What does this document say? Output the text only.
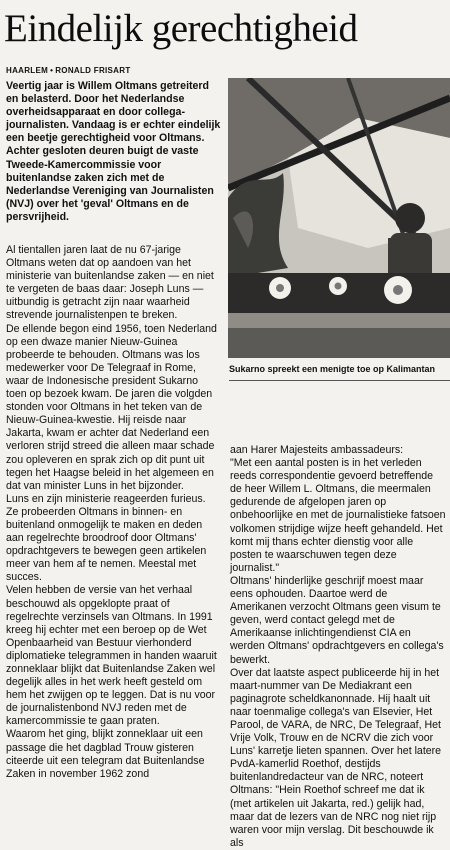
Eindelijk gerechtigheid
HAARLEM • RONALD FRISART
Veertig jaar is Willem Oltmans getreiterd en belasterd. Door het Nederlandse overheidsapparaat en door collega-journalisten. Vandaag is er echter eindelijk een beetje gerechtigheid voor Oltmans. Achter gesloten deuren buigt de vaste Tweede-Kamercommissie voor buitenlandse zaken zich met de Nederlandse Vereniging van Journalisten (NVJ) over het 'geval' Oltmans en de persvrijheid.

Al tientallen jaren laat de nu 67-jarige Oltmans weten dat op aandoen van het ministerie van buitenlandse zaken — en niet te vergeten de baas daar: Joseph Luns — uitbundig is getracht zijn naar waarheid strevende journalistenpen te breken.

De ellende begon eind 1956, toen Nederland op een dwaze manier Nieuw-Guinea probeerde te behouden. Oltmans was los medewerker voor De Telegraaf in Rome, waar de Indonesische president Sukarno toen op bezoek kwam. De jaren die volgden stonden voor Oltmans in het teken van de Nieuw-Guinea-kwestie. Hij reisde naar Jakarta, kwam er achter dat Nederland een verloren strijd streed die alleen maar schade zou opleveren en sprak zich op dit punt uit tegen het Haagse beleid in het algemeen en dat van minister Luns in het bijzonder.

Luns en zijn ministerie reageerden furieus. Ze probeerden Oltmans in binnen- en buitenland onmogelijk te maken en deden aan regelrechte broodroof door Oltmans' opdrachtgevers te bewegen geen artikelen meer van hem af te nemen. Meestal met succes.

Velen hebben de versie van het verhaal beschouwd als opgeklopte praat of regelrechte verzinsels van Oltmans. In 1991 kreeg hij echter met een beroep op de Wet Openbaarheid van Bestuur vierhonderd diplomatieke telegrammen in handen waaruit zonneklaar blijkt dat Buitenlandse Zaken wel degelijk alles in het werk heeft gesteld om hem het zwijgen op te leggen. Dat is nu voor de journalistenbond NVJ reden met de kamercommissie te gaan praten.

Waarom het ging, blijkt zonneklaar uit een passage die het dagblad Trouw gisteren citeerde uit een telegram dat Buitenlandse Zaken in november 1962 zond

Sukarno spreekt een menigte toe op Kalimantan

aan Harer Majesteits ambassadeurs:

"Met een aantal posten is in het verleden reeds correspondentie gevoerd betreffende de heer Willem L. Oltmans, die meermalen gedurende de afgelopen jaren op onbehoorlijke en met de journalistieke fatsoen volkomen strijdige wijze heeft gehandeld. Het komt mij thans echter dienstig voor alle posten te waarschuwen tegen deze journalist."

Oltmans' hinderlijke geschrijf moest maar eens ophouden. Daartoe werd de Amerikanen verzocht Oltmans geen visum te geven, werd contact gelegd met de Amerikaanse inlichtingendienst CIA en werden Oltmans' opdrachtgevers en collega's bewerkt.

Over dat laatste aspect publiceerde hij in het maart-nummer van De Mediakrant een paginagrote scheldkanonnade. Hij haalt uit naar toenmalige collega's van Elsevier, Het Parool, de VARA, de NRC, De Telegraaf, Het Vrije Volk, Trouw en de NCRV die zich voor Luns' karretje lieten spannen. Over het latere PvdA-kamerlid Roethof, destijds buitenlandredacteur van de NRC, noteert Oltmans: "Hein Roethof schreef me dat ik (met artikelen uit Jakarta, red.) gelijk had, maar dat de lezers van de NRC nog niet rijp waren voor mijn verslag. Dit beschouwde ik als
